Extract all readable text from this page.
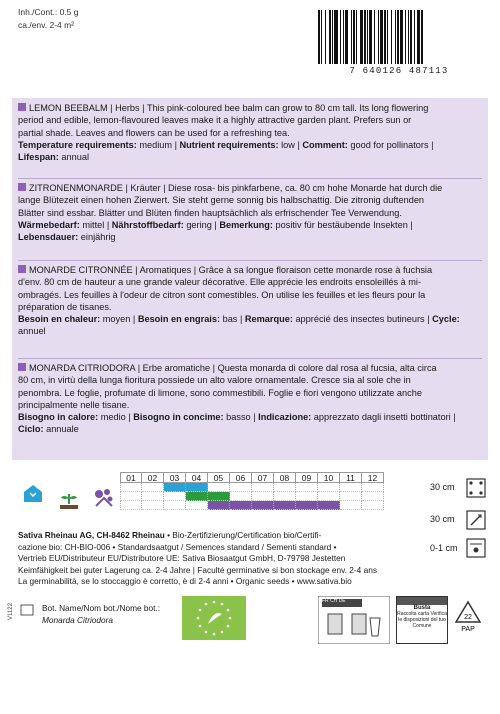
Inh./Cont.: 0.5 g
ca./env. 2-4 m²
7 640126 487113
LEMON BEEBALM | Herbs | This pink-coloured bee balm can grow to 80 cm tall. Its long flowering
period and edible, lemon-flavoured leaves make it a highly attractive garden plant. Prefers sun or
partial shade. Leaves and flowers can be used for a refreshing tea.
Temperature requirements: medium | Nutrient requirements: low | Comment: good for pollinators |
Lifespan: annual
ZITRONENMONARDE | Kräuter | Diese rosa- bis pinkfarbene, ca. 80 cm hohe Monarde hat durch die
lange Blütezeit einen hohen Zierwert. Sie steht gerne sonnig bis halbschattig. Die zitronig duftenden
Blätter sind essbar. Blätter und Blüten finden hauptsächlich als erfrischender Tee Verwendung.
Wärmebedarf: mittel | Nährstoffbedarf: gering | Bemerkung: positiv für bestäubende Insekten |
Lebensdauer: einjährig
MONARDE CITRONNÉE | Aromatiques | Grâce à sa longue floraison cette monarde rose à fuchsia
d'env. 80 cm de hauteur a une grande valeur décorative. Elle apprécie les endroits ensoleillés à mi-
ombragés. Les feuilles à l'odeur de citron sont comestibles. On utilise les feuilles et les fleurs pour la
préparation de tisanes.
Besoin en chaleur: moyen | Besoin en engrais: bas | Remarque: apprécié des insectes butineurs | Cycle:
annuel
MONARDA CITRIODORA | Erbe aromatiche | Questa monarda di colore dal rosa al fucsia, alta circa
80 cm, in virtù della lunga fioritura possiede un alto valore ornamentale. Cresce sia al sole che in
penombra. Le foglie, profumate di limone, sono commestibili. Foglie e fiori vengono utilizzate anche
principalmente nelle tisane.
Bisogno in calore: medio | Bisogno in concime: basso | Indicazione: apprezzato dagli insetti bottinatori |
Ciclo: annuale
01	02	03	04	05	06	07	08	09	10	11	12
30 cm
30 cm
0-1 cm
Sativa Rheinau AG, CH-8462 Rheinau • Bio-Zertifizierung/Certification bio/Certifi-
cazione bio: CH-BIO-006 • Standardsaatgut / Semences standard / Sementi standard •
Vertrieb EU/Distributeur EU/Distributore UE: Sativa Biosaatgut GmbH, D-79798 Jestetten
Keimfähigkeit bei guter Lagerung ca. 2-4 Jahre | Faculté germinative si bon stockage env. 2-4 ans
La germinabilità, se lo stoccaggio è corretto, è di 2-4 anni • Organic seeds • www.sativa.bio
V1122	Bot. Name/Nom bot./Nome bot.:
Monarda Citriodora
FR CH DE
Busta
Raccolta carta Verifica le disposizioni del tuo Comune
22
PAP
